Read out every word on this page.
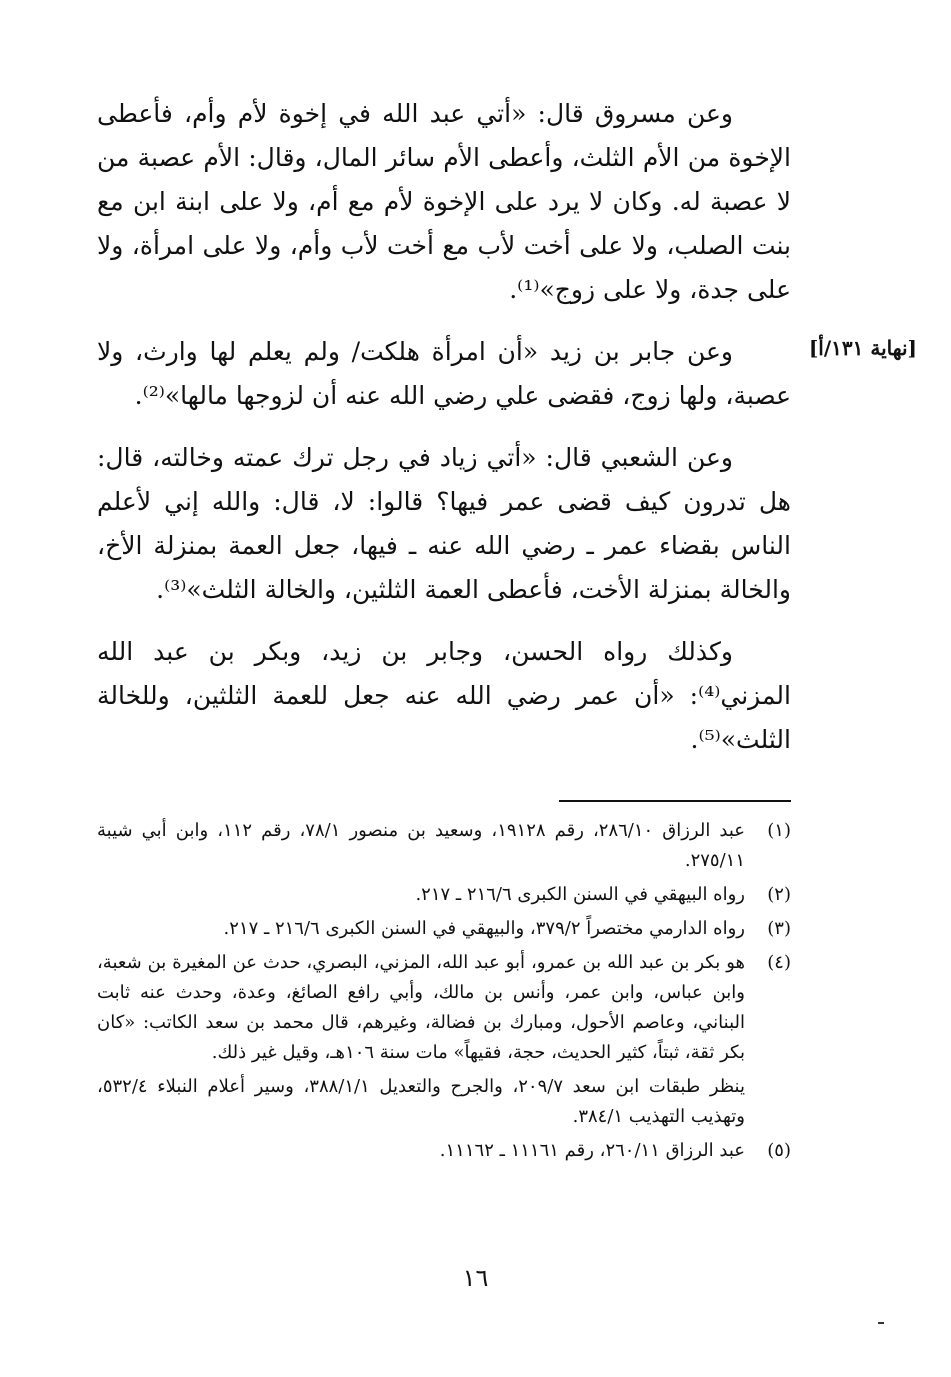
[نهاية ١٣١/أ]

وعن مسروق قال: «أتي عبد الله في إخوة لأم وأم، فأعطى الإخوة من الأم الثلث، وأعطى الأم سائر المال، وقال: الأم عصبة من لا عصبة له. وكان لا يرد على الإخوة لأم مع أم، ولا على ابنة ابن مع بنت الصلب، ولا على أخت لأب مع أخت لأب وأم، ولا على امرأة، ولا على جدة، ولا على زوج»⁽¹⁾.

وعن جابر بن زيد «أن امرأة هلكت/ ولم يعلم لها وارث، ولا عصبة، ولها زوج، فقضى علي رضي الله عنه أن لزوجها مالها»⁽²⁾.

وعن الشعبي قال: «أتي زياد في رجل ترك عمته وخالته، قال: هل تدرون كيف قضى عمر فيها؟ قالوا: لا، قال: والله إني لأعلم الناس بقضاء عمر ـ رضي الله عنه ـ فيها، جعل العمة بمنزلة الأخ، والخالة بمنزلة الأخت، فأعطى العمة الثلثين، والخالة الثلث»⁽³⁾.

وكذلك رواه الحسن، وجابر بن زيد، وبكر بن عبد الله المزني⁽⁴⁾: «أن عمر رضي الله عنه جعل للعمة الثلثين، وللخالة الثلث»⁽⁵⁾.

(١)
عبد الرزاق ٢٨٦/١٠، رقم ١٩١٢٨، وسعيد بن منصور ٧٨/١، رقم ١١٢، وابن أبي شيبة ٢٧٥/١١.
(٢)
رواه البيهقي في السنن الكبرى ٢١٦/٦ ـ ٢١٧.
(٣)
رواه الدارمي مختصراً ٣٧٩/٢، والبيهقي في السنن الكبرى ٢١٦/٦ ـ ٢١٧.
(٤)
هو بكر بن عبد الله بن عمرو، أبو عبد الله، المزني، البصري، حدث عن المغيرة بن شعبة، وابن عباس، وابن عمر، وأنس بن مالك، وأبي رافع الصائغ، وعدة، وحدث عنه ثابت البناني، وعاصم الأحول، ومبارك بن فضالة، وغيرهم، قال محمد بن سعد الكاتب: «كان بكر ثقة، ثبتاً، كثير الحديث، حجة، فقيهاً» مات سنة ١٠٦هـ، وقيل غير ذلك.
ينظر طبقات ابن سعد ٢٠٩/٧، والجرح والتعديل ٣٨٨/١/١، وسير أعلام النبلاء ٥٣٢/٤، وتهذيب التهذيب ٣٨٤/١.
(٥)
عبد الرزاق ٢٦٠/١١، رقم ١١١٦١ ـ ١١١٦٢.
١٦
